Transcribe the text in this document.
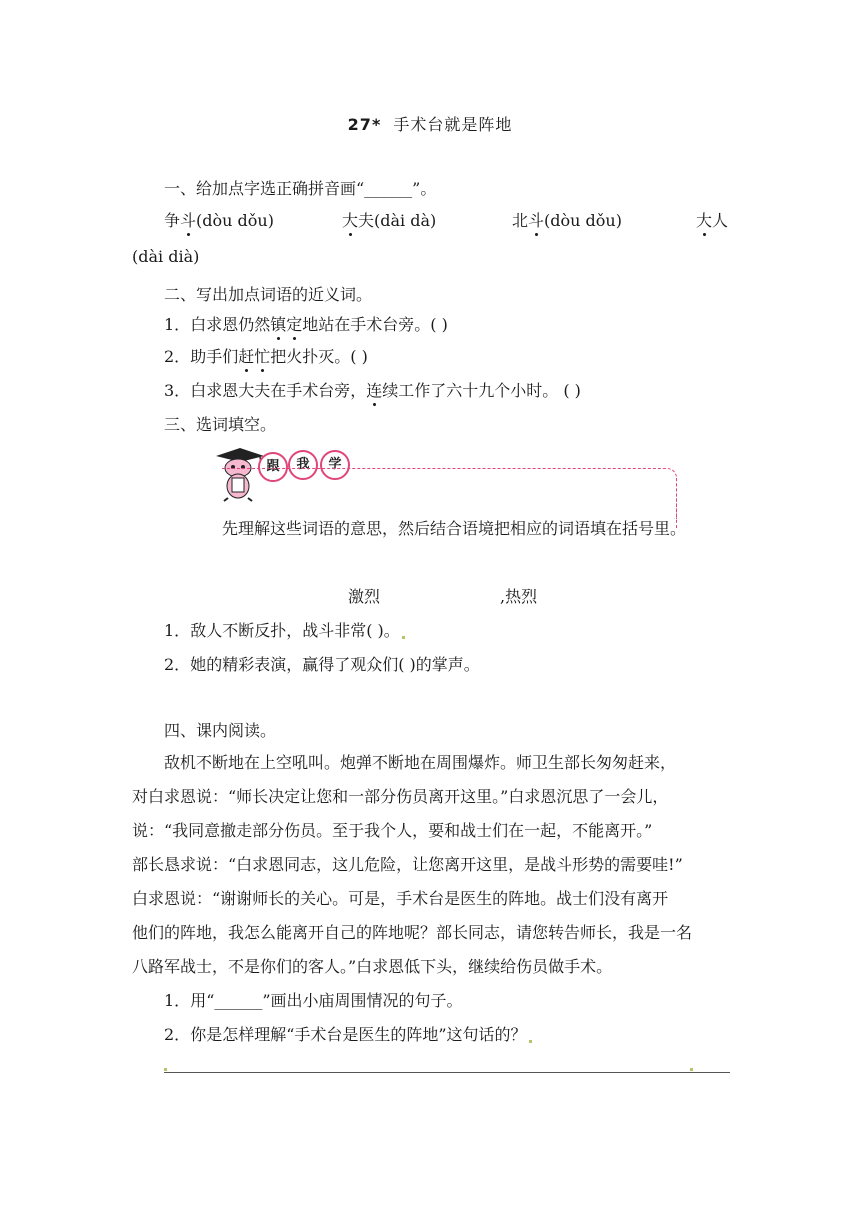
27* 手术台就是阵地
一、给加点字选正确拼音画“______”。
争斗(dòu dǒu)	大夫(dài dà)	北斗(dòu dǒu)	大人
(dài dià)
二、写出加点词语的近义词。
1．白求恩仍然镇定地站在手术台旁。( )
2．助手们赶忙把火扑灭。( )
3．白求恩大夫在手术台旁，连续工作了六十九个小时。 ( )
三、选词填空。
跟	我	学
先理解这些词语的意思，然后结合语境把相应的词语填在括号里。
激烈	,热烈
1．敌人不断反扑，战斗非常( )。
2．她的精彩表演，赢得了观众们( )的掌声。
四、课内阅读。
敌机不断地在上空吼叫。炮弹不断地在周围爆炸。师卫生部长匆匆赶来，
对白求恩说：“师长决定让您和一部分伤员离开这里。”白求恩沉思了一会儿，
说：“我同意撤走部分伤员。至于我个人，要和战士们在一起，不能离开。”
部长恳求说：“白求恩同志，这儿危险，让您离开这里，是战斗形势的需要哇!”
白求恩说：“谢谢师长的关心。可是，手术台是医生的阵地。战士们没有离开
他们的阵地，我怎么能离开自己的阵地呢？部长同志，请您转告师长，我是一名
八路军战士，不是你们的客人。”白求恩低下头，继续给伤员做手术。
1．用“______”画出小庙周围情况的句子。
2．你是怎样理解“手术台是医生的阵地”这句话的？
